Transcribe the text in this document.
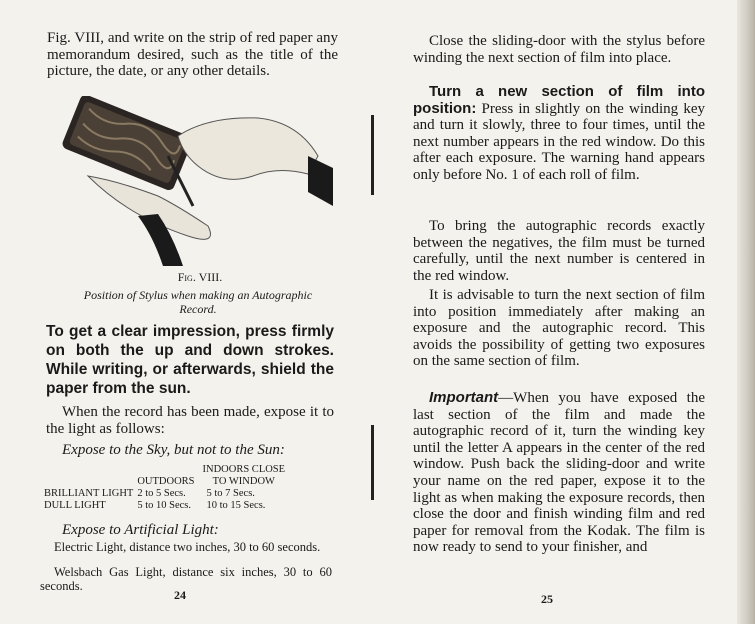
Fig. VIII, and write on the strip of red paper any memorandum desired, such as the title of the picture, the date, or any other details.
Fig. VIII.
Position of Stylus when making an Autographic Record.
To get a clear impression, press firmly on both the up and down strokes. While writing, or afterwards, shield the paper from the sun.
When the record has been made, expose it to the light as follows:
Expose to the Sky, but not to the Sun:
		INDOORS CLOSE
	OUTDOORS	TO WINDOW
BRILLIANT LIGHT	2 to 5 Secs.	5 to 7 Secs.
DULL LIGHT	5 to 10 Secs.	10 to 15 Secs.
Expose to Artificial Light:
Electric Light, distance two inches, 30 to 60 seconds.
Welsbach Gas Light, distance six inches, 30 to 60 seconds.
24
Close the sliding-door with the stylus before winding the next section of film into place.
Turn a new section of film into position: Press in slightly on the winding key and turn it slowly, three to four times, until the next number appears in the red window. Do this after each exposure. The warning hand appears only before No. 1 of each roll of film.
To bring the autographic records exactly between the negatives, the film must be turned carefully, until the next number is centered in the red window.
It is advisable to turn the next section of film into position immediately after making an exposure and the autographic record. This avoids the possibility of getting two exposures on the same section of film.
Important—When you have exposed the last section of the film and made the autographic record of it, turn the winding key until the letter A appears in the center of the red window. Push back the sliding-door and write your name on the red paper, expose it to the light as when making the exposure records, then close the door and finish winding film and red paper for removal from the Kodak. The film is now ready to send to your finisher, and
25
